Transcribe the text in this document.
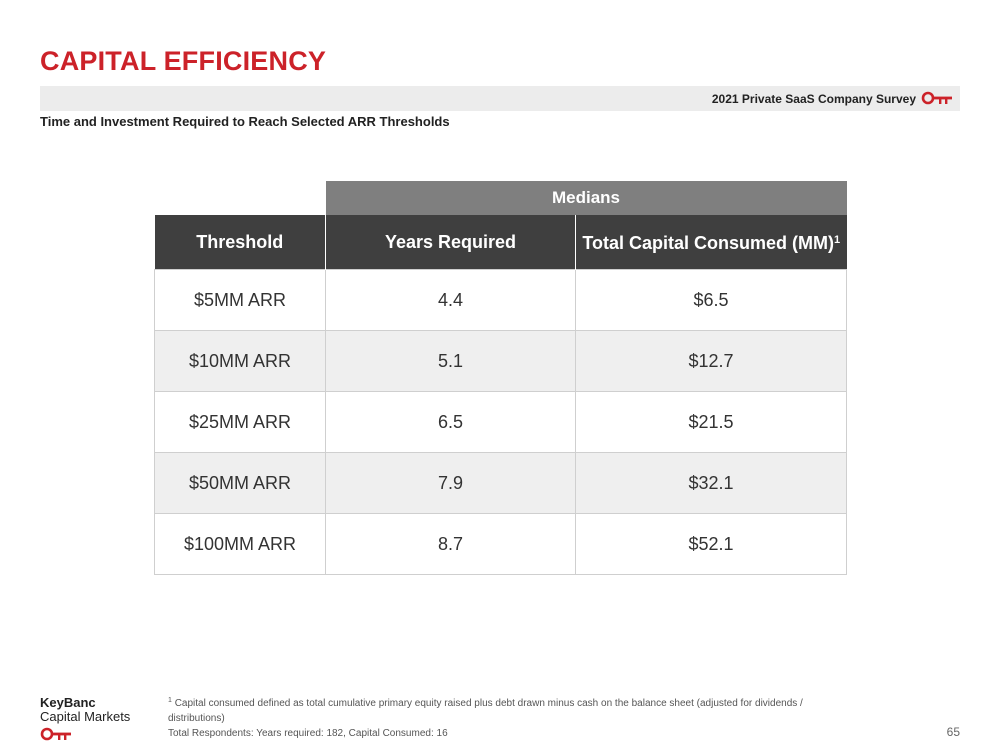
CAPITAL EFFICIENCY
2021 Private SaaS Company Survey
Time and Investment Required to Reach Selected ARR Thresholds
	Medians	
Threshold	Years Required	Total Capital Consumed (MM)$^1$
$5MM ARR	4.4	$6.5
$10MM ARR	5.1	$12.7
$25MM ARR	6.5	$21.5
$50MM ARR	7.9	$32.1
$100MM ARR	8.7	$52.1
KeyBanc
Capital Markets
$^1$ Capital consumed defined as total cumulative primary equity raised plus debt drawn minus cash on the balance sheet (adjusted for dividends / distributions)
Total Respondents: Years required: 182, Capital Consumed: 16	65
